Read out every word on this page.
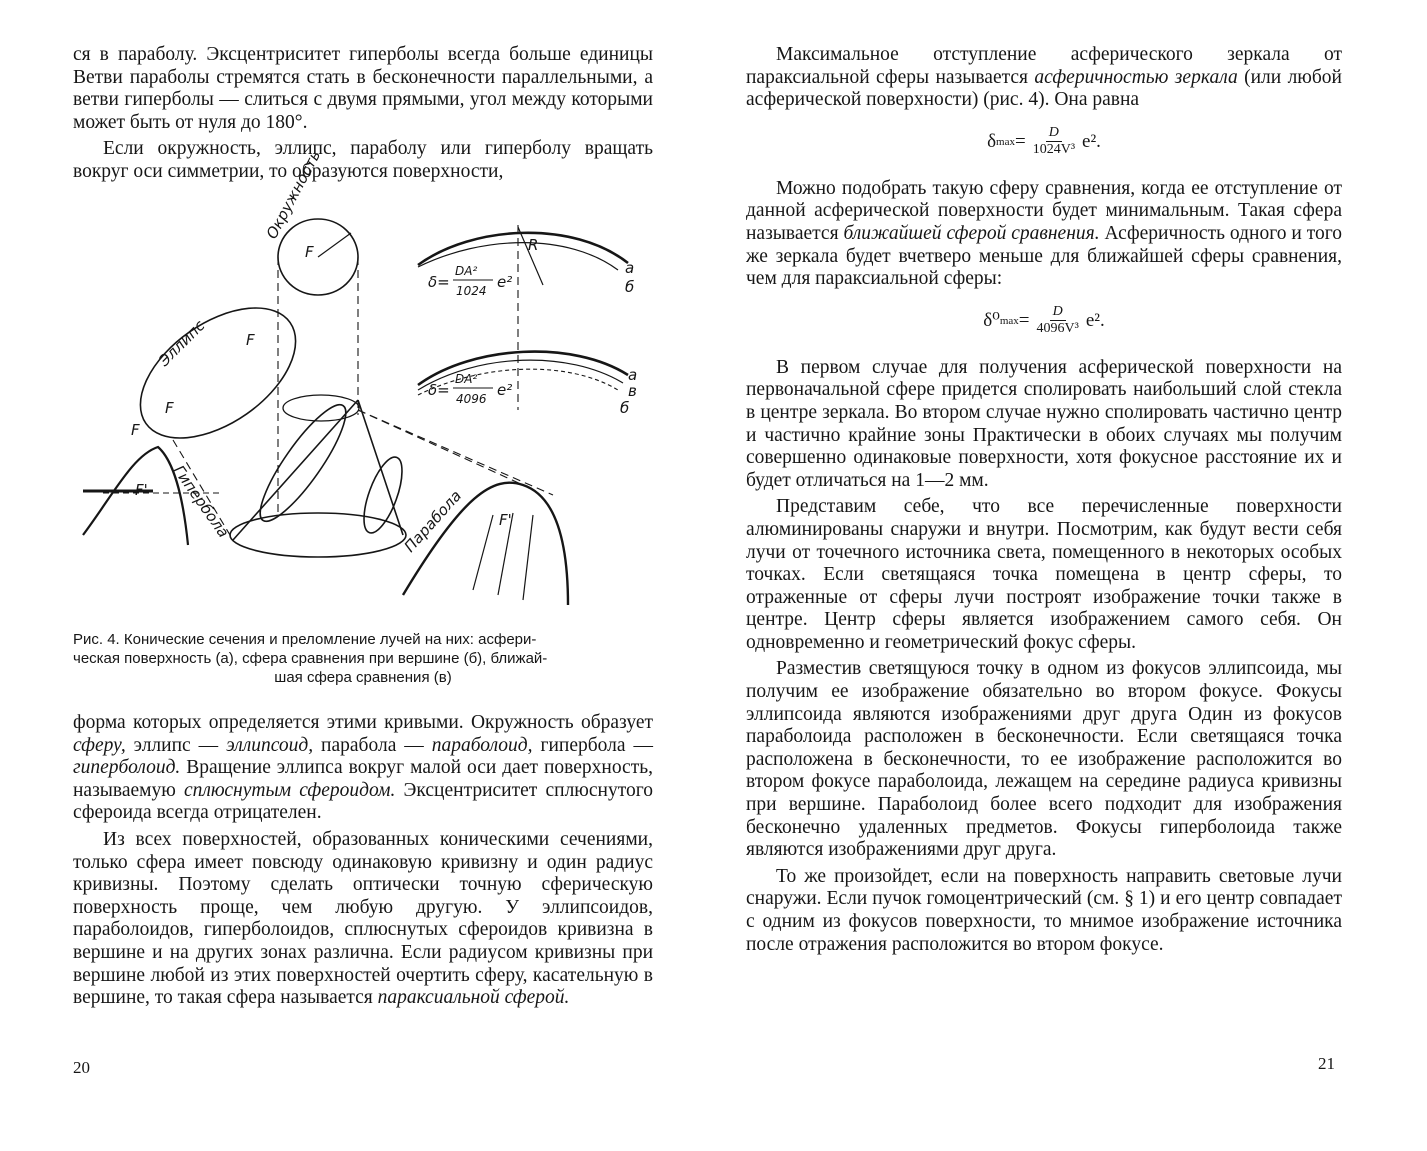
ся в параболу. Эксцентриситет гиперболы всегда больше единицы Ветви параболы стремятся стать в бесконечности параллельными, а ветви гиперболы — слиться с двумя прямыми, угол между которыми может быть от нуля до 180°.

Если окружность, эллипс, параболу или гиперболу вращать вокруг оси симметрии, то образуются поверхности,

Окружность
Эллипс
Гипербола	Парабола
F
F
F
F
F'
F'
R
а
б
а
в
б
δ=
DA²
1024 e²
δ=
DA²
4096 e²
Рис. 4. Конические сечения и преломление лучей на них: асфери-
ческая поверхность (а), сфера сравнения при вершине (б), ближай-
шая сфера сравнения (в)

форма которых определяется этими кривыми. Окружность образует сферу, эллипс — эллипсоид, парабола — параболоид, гипербола — гиперболоид. Вращение эллипса вокруг малой оси дает поверхность, называемую сплюснутым сфероидом. Эксцентриситет сплюснутого сфероида всегда отрицателен.

Из всех поверхностей, образованных коническими сечениями, только сфера имеет повсюду одинаковую кривизну и один радиус кривизны. Поэтому сделать оптически точную сферическую поверхность проще, чем любую другую. У эллипсоидов, параболоидов, гиперболоидов, сплюснутых сфероидов кривизна в вершине и на других зонах различна. Если радиусом кривизны при вершине любой из этих поверхностей очертить сферу, касательную в вершине, то такая сфера называется параксиальной сферой.

20

Максимальное отступление асферического зеркала от параксиальной сферы называется асферичностью зеркала (или любой асферической поверхности) (рис. 4). Она равна

δ $\max = \frac{D}{\text{1024V³}} e^2$.

Можно подобрать такую сферу сравнения, когда ее отступление от данной асферической поверхности будет минимальным. Такая сфера называется ближайшей сферой сравнения. Асферичность одного и того же зеркала будет вчетверо меньше для ближайшей сферы сравнения, чем для параксиальной сферы:

δ⁰ $\max = \frac{D}{\text{4096V³}} e^2$.

В первом случае для получения асферической поверхности на первоначальной сфере придется сполировать наибольший слой стекла в центре зеркала. Во втором случае нужно сполировать частично центр и частично крайние зоны Практически в обоих случаях мы получим совершенно одинаковые поверхности, хотя фокусное расстояние их и будет отличаться на 1—2 мм.

Представим себе, что все перечисленные поверхности алюминированы снаружи и внутри. Посмотрим, как будут вести себя лучи от точечного источника света, помещенного в некоторых особых точках. Если светящаяся точка помещена в центр сферы, то отраженные от сферы лучи построят изображение точки также в центре. Центр сферы является изображением самого себя. Он одновременно и геометрический фокус сферы.

Разместив светящуюся точку в одном из фокусов эллипсоида, мы получим ее изображение обязательно во втором фокусе. Фокусы эллипсоида являются изображениями друг друга Один из фокусов параболоида расположен в бесконечности. Если светящаяся точка расположена в бесконечности, то ее изображение расположится во втором фокусе параболоида, лежащем на середине радиуса кривизны при вершине. Параболоид более всего подходит для изображения бесконечно удаленных предметов. Фокусы гиперболоида также являются изображениями друг друга.

То же произойдет, если на поверхность направить световые лучи снаружи. Если пучок гомоцентрический (см. § 1) и его центр совпадает с одним из фокусов поверхности, то мнимое изображение источника после отражения расположится во втором фокусе.

21
